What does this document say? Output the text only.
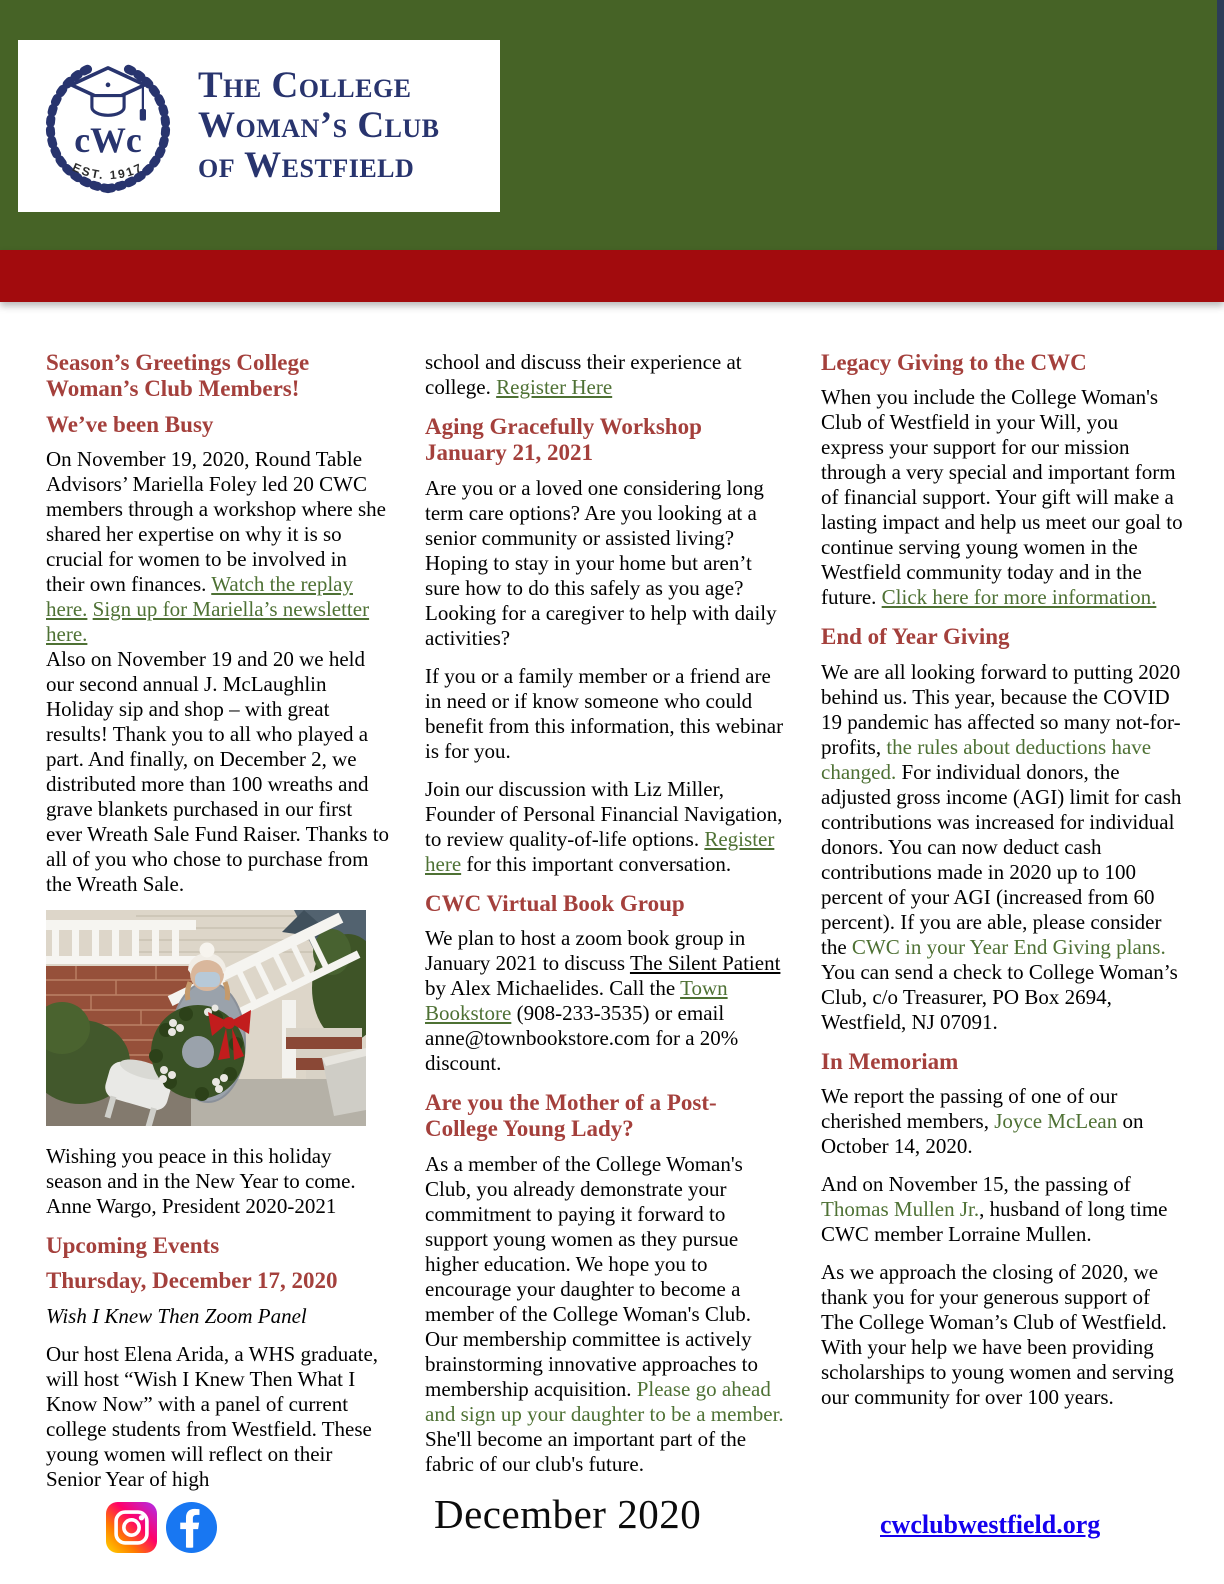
cWc
EST. 1917
The College
Woman’s Club
of Westfield
Season’s Greetings College Woman’s Club Members!
We’ve been Busy

On November 19, 2020, Round Table Advisors’ Mariella Foley led 20 CWC members through a workshop where she shared her expertise on why it is so crucial for women to be involved in their own finances. Watch the replay here. Sign up for Mariella’s newsletter here.

Also on November 19 and 20 we held our second annual J. McLaughlin Holiday sip and shop – with great results! Thank you to all who played a part. And finally, on December 2, we distributed more than 100 wreaths and grave blankets purchased in our first ever Wreath Sale Fund Raiser. Thanks to all of you who chose to purchase from the Wreath Sale.

Wishing you peace in this holiday season and in the New Year to come. Anne Wargo, President 2020-2021

Upcoming Events
Thursday, December 17, 2020

Wish I Knew Then Zoom Panel

Our host Elena Arida, a WHS graduate, will host “Wish I Knew Then What I Know Now” with a panel of current college students from Westfield. These young women will reflect on their Senior Year of high

school and discuss their experience at college. Register Here

Aging Gracefully Workshop January 21, 2021

Are you or a loved one considering long term care options? Are you looking at a senior community or assisted living? Hoping to stay in your home but aren’t sure how to do this safely as you age? Looking for a caregiver to help with daily activities?

If you or a family member or a friend are in need or if know someone who could benefit from this information, this webinar is for you.

Join our discussion with Liz Miller, Founder of Personal Financial Navigation, to review quality-of-life options. Register here for this important conversation.

CWC Virtual Book Group

We plan to host a zoom book group in January 2021 to discuss The Silent Patient by Alex Michaelides. Call the Town Bookstore (908-233-3535) or email anne@townbookstore.com for a 20% discount.

Are you the Mother of a Post-College Young Lady?

As a member of the College Woman's Club, you already demonstrate your commitment to paying it forward to support young women as they pursue higher education. We hope you to encourage your daughter to become a member of the College Woman's Club. Our membership committee is actively brainstorming innovative approaches to membership acquisition. Please go ahead and sign up your daughter to be a member. She'll become an important part of the fabric of our club's future.

Legacy Giving to the CWC

When you include the College Woman's Club of Westfield in your Will, you express your support for our mission through a very special and important form of financial support. Your gift will make a lasting impact and help us meet our goal to continue serving young women in the Westfield community today and in the future. Click here for more information.

End of Year Giving

We are all looking forward to putting 2020 behind us. This year, because the COVID 19 pandemic has affected so many not-for-profits, the rules about deductions have changed. For individual donors, the adjusted gross income (AGI) limit for cash contributions was increased for individual donors. You can now deduct cash contributions made in 2020 up to 100 percent of your AGI (increased from 60 percent). If you are able, please consider the CWC in your Year End Giving plans. You can send a check to College Woman’s Club, c/o Treasurer, PO Box 2694, Westfield, NJ 07091.

In Memoriam

We report the passing of one of our cherished members, Joyce McLean on October 14, 2020.

And on November 15, the passing of Thomas Mullen Jr., husband of long time CWC member Lorraine Mullen.

As we approach the closing of 2020, we thank you for your generous support of The College Woman’s Club of Westfield. With your help we have been providing scholarships to young women and serving our community for over 100 years.

December 2020	cwclubwestfield.org
